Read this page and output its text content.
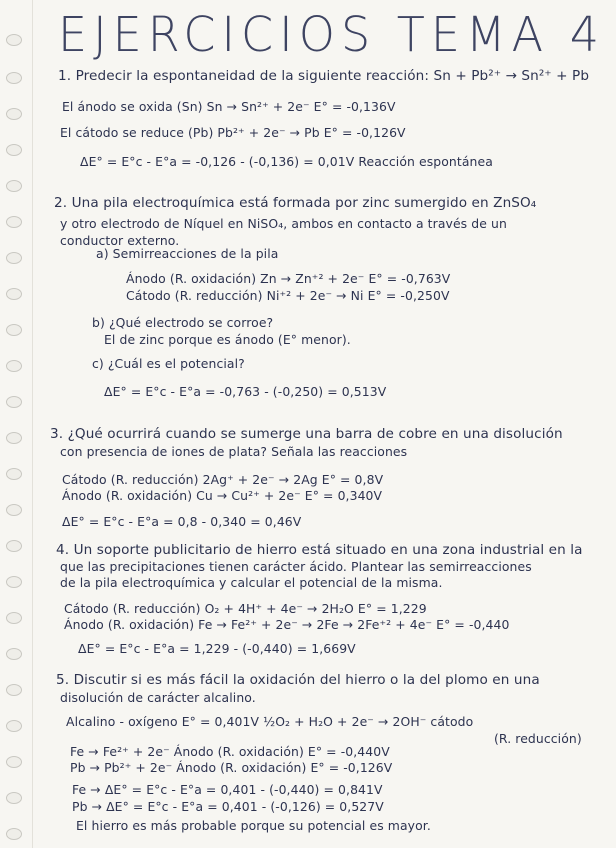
EJERCICIOS TEMA 4
1. Predecir la espontaneidad de la siguiente reacción: Sn + Pb²⁺ → Sn²⁺ + Pb
El ánodo se oxida (Sn) Sn → Sn²⁺ + 2e⁻ E° = -0,136V
El cátodo se reduce (Pb) Pb²⁺ + 2e⁻ → Pb E° = -0,126V
ΔE° = E°c - E°a = -0,126 - (-0,136) = 0,01V Reacción espontánea
2. Una pila electroquímica está formada por zinc sumergido en ZnSO₄
y otro electrodo de Níquel en NiSO₄, ambos en contacto a través de un
conductor externo.
a) Semirreacciones de la pila
Ánodo (R. oxidación) Zn → Zn⁺² + 2e⁻ E° = -0,763V
Cátodo (R. reducción) Ni⁺² + 2e⁻ → Ni E° = -0,250V
b) ¿Qué electrodo se corroe?
El de zinc porque es ánodo (E° menor).
c) ¿Cuál es el potencial?
ΔE° = E°c - E°a = -0,763 - (-0,250) = 0,513V
3. ¿Qué ocurrirá cuando se sumerge una barra de cobre en una disolución
con presencia de iones de plata? Señala las reacciones
Cátodo (R. reducción) 2Ag⁺ + 2e⁻ → 2Ag E° = 0,8V
Ánodo (R. oxidación) Cu → Cu²⁺ + 2e⁻ E° = 0,340V
ΔE° = E°c - E°a = 0,8 - 0,340 = 0,46V
4. Un soporte publicitario de hierro está situado en una zona industrial en la
que las precipitaciones tienen carácter ácido. Plantear las semirreacciones
de la pila electroquímica y calcular el potencial de la misma.
Cátodo (R. reducción) O₂ + 4H⁺ + 4e⁻ → 2H₂O E° = 1,229
Ánodo (R. oxidación) Fe → Fe²⁺ + 2e⁻ → 2Fe → 2Fe⁺² + 4e⁻ E° = -0,440
ΔE° = E°c - E°a = 1,229 - (-0,440) = 1,669V
5. Discutir si es más fácil la oxidación del hierro o la del plomo en una
disolución de carácter alcalino.
Alcalino - oxígeno E° = 0,401V ½O₂ + H₂O + 2e⁻ → 2OH⁻ cátodo
(R. reducción)
Fe → Fe²⁺ + 2e⁻ Ánodo (R. oxidación) E° = -0,440V
Pb → Pb²⁺ + 2e⁻ Ánodo (R. oxidación) E° = -0,126V
Fe → ΔE° = E°c - E°a = 0,401 - (-0,440) = 0,841V
Pb → ΔE° = E°c - E°a = 0,401 - (-0,126) = 0,527V
El hierro es más probable porque su potencial es mayor.
